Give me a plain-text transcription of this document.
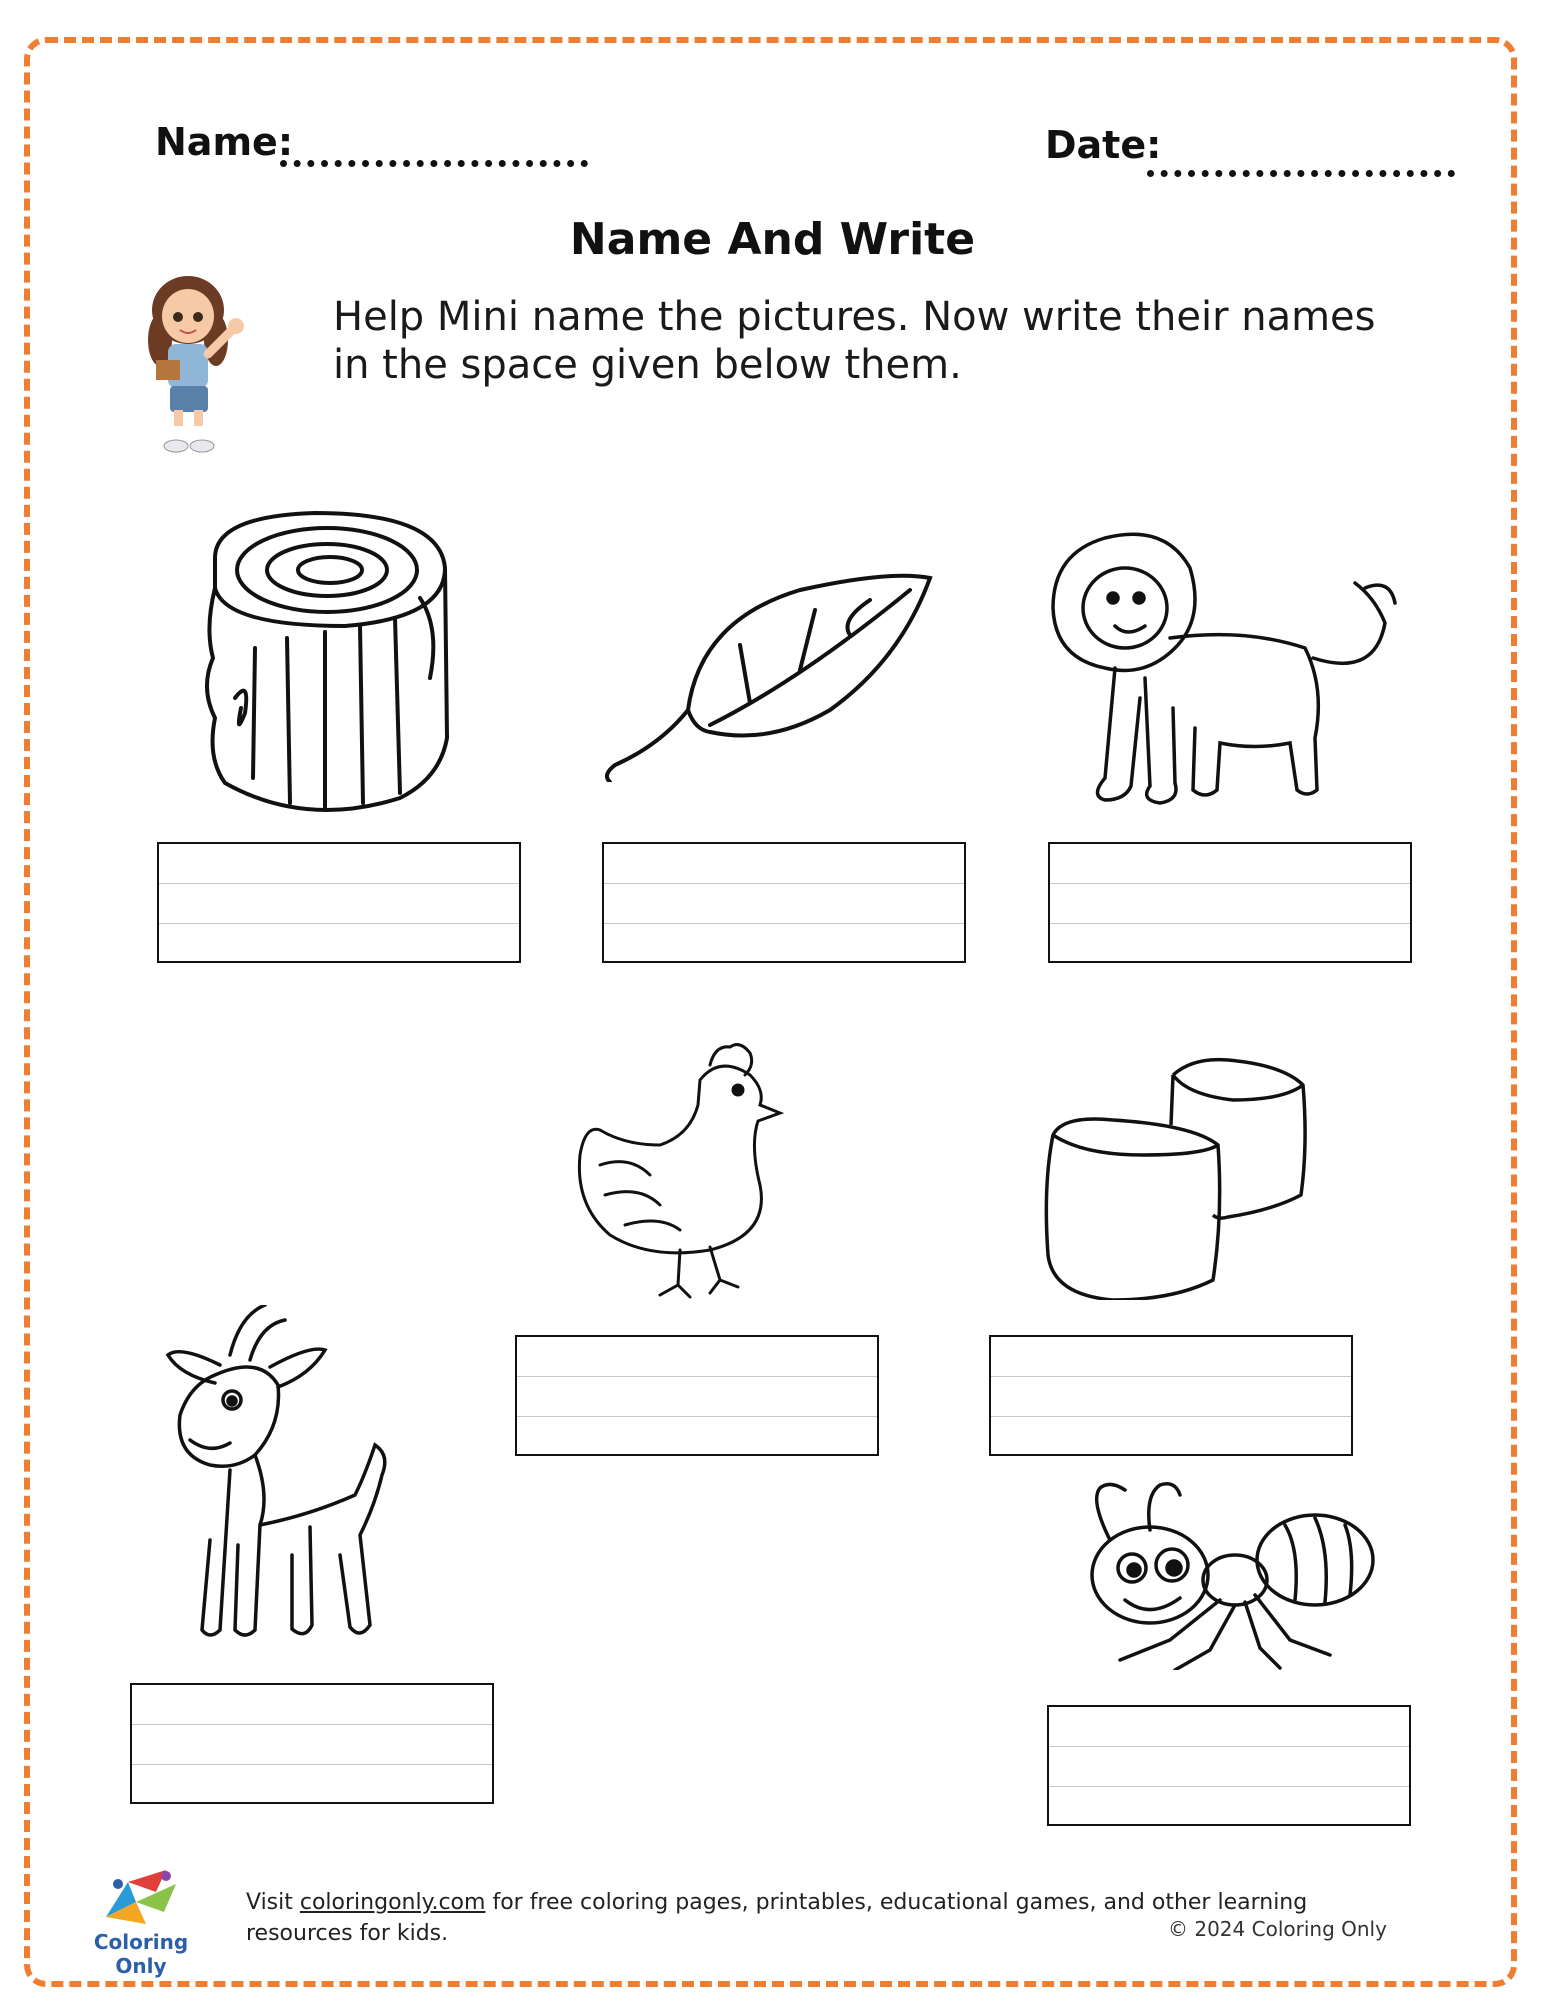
Name:	Date:
Name And Write
Help Mini name the pictures. Now write their names in the space given below them.
Coloring Only
Visit coloringonly.com for free coloring pages, printables, educational games, and other learning resources for kids.	© 2024 Coloring Only
